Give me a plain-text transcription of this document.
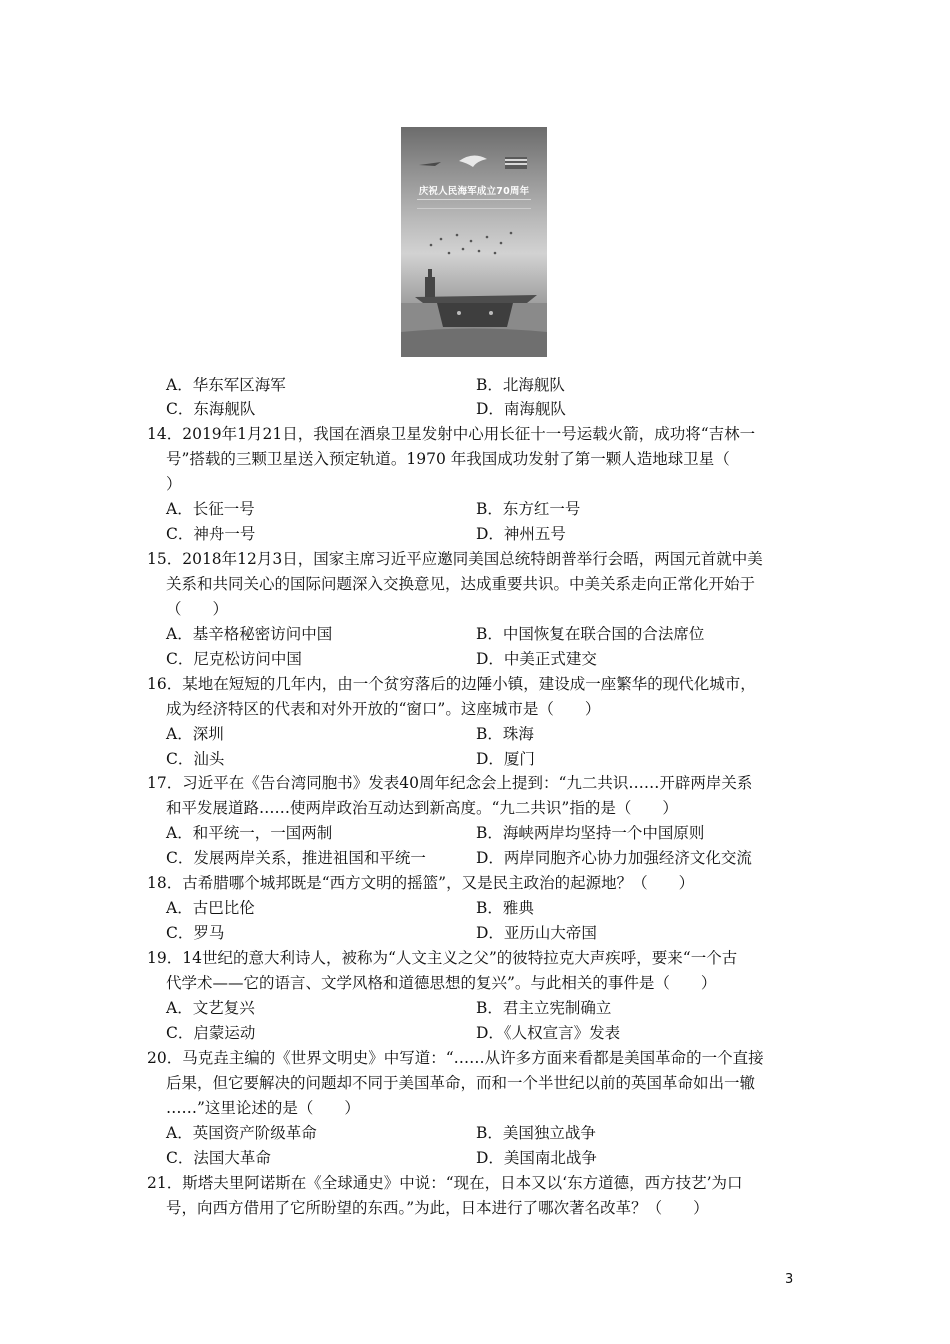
庆祝人民海军成立70周年
A．华东军区海军	B．北海舰队
C．东海舰队	D．南海舰队
14．2019年1月21日，我国在酒泉卫星发射中心用长征十一号运载火箭，成功将“吉林一
号”搭载的三颗卫星送入预定轨道。1970 年我国成功发射了第一颗人造地球卫星（
）
A．长征一号	B．东方红一号
C．神舟一号	D．神州五号
15．2018年12月3日，国家主席习近平应邀同美国总统特朗普举行会晤，两国元首就中美
关系和共同关心的国际问题深入交换意见，达成重要共识。中美关系走向正常化开始于
（　　）
A．基辛格秘密访问中国	B．中国恢复在联合国的合法席位
C．尼克松访问中国	D．中美正式建交
16．某地在短短的几年内，由一个贫穷落后的边陲小镇，建设成一座繁华的现代化城市，
成为经济特区的代表和对外开放的“窗口”。这座城市是（　　）
A．深圳	B．珠海
C．汕头	D．厦门
17．习近平在《告台湾同胞书》发表40周年纪念会上提到：“九二共识……开辟两岸关系
和平发展道路……使两岸政治互动达到新高度。“九二共识”指的是（　　）
A．和平统一，一国两制	B．海峡两岸均坚持一个中国原则
C．发展两岸关系，推进祖国和平统一	D．两岸同胞齐心协力加强经济文化交流
18．古希腊哪个城邦既是“西方文明的摇篮”，又是民主政治的起源地？（　　）
A．古巴比伦	B．雅典
C．罗马	D．亚历山大帝国
19．14世纪的意大利诗人，被称为“人文主义之父”的彼特拉克大声疾呼，要来“一个古
代学术——它的语言、文学风格和道德思想的复兴”。与此相关的事件是（　　）
A．文艺复兴	B．君主立宪制确立
C．启蒙运动	D．《人权宣言》发表
20．马克垚主编的《世界文明史》中写道：“……从许多方面来看都是美国革命的一个直接
后果，但它要解决的问题却不同于美国革命，而和一个半世纪以前的英国革命如出一辙
……”这里论述的是（　　）
A．英国资产阶级革命	B．美国独立战争
C．法国大革命	D．美国南北战争
21．斯塔夫里阿诺斯在《全球通史》中说：“现在，日本又以‘东方道德，西方技艺’为口
号，向西方借用了它所盼望的东西。”为此，日本进行了哪次著名改革？（　　）
3
